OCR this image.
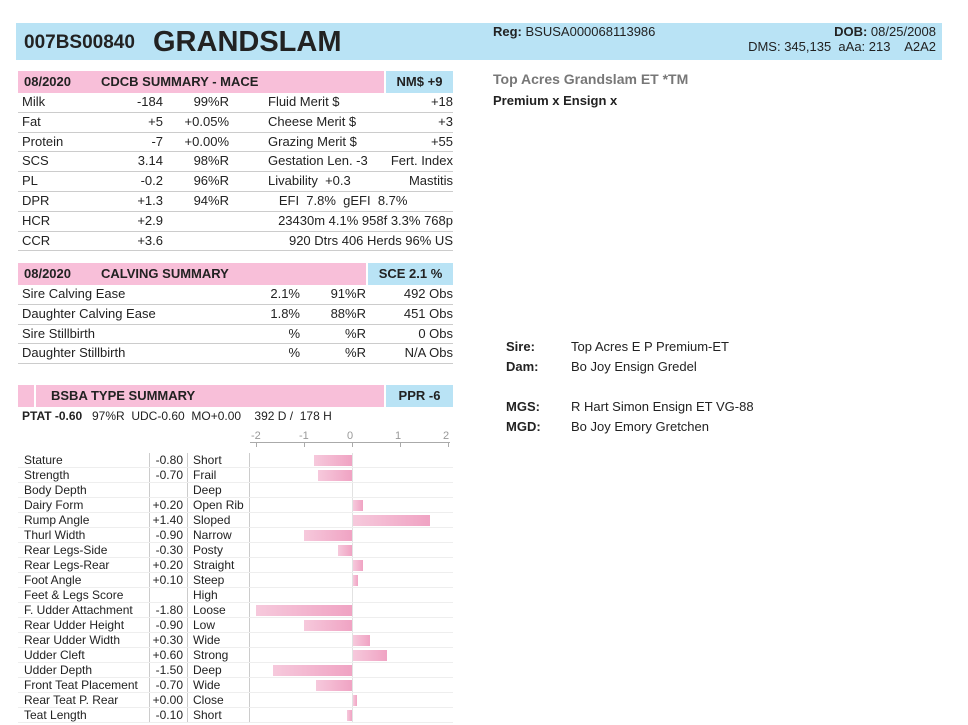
007BS00840 GRANDSLAM	Reg: BSUSA000068113986	DOB: 08/25/2008
DMS: 345,135  aAa: 213    A2A2
08/2020 CDCB SUMMARY - MACE	NM$ +9
Milk	-184 99%R	Fluid Merit $	+18
Fat	+5 +0.05%	Cheese Merit $	+3
Protein	-7 +0.00%	Grazing Merit $	+55
SCS	3.14 98%R	Gestation Len. -3 Fert. Index
PL	-0.2 96%R	Livability  +0.3	Mastitis
DPR	+1.3 94%R	EFI  7.8%  gEFI  8.7%
HCR	+2.9	23430m 4.1% 958f 3.3% 768p
CCR	+3.6	920 Dtrs 406 Herds 96% US
08/2020 CALVING SUMMARY	SCE 2.1 %
Sire Calving Ease	2.1% 91%R	492 Obs
Daughter Calving Ease	1.8% 88%R	451 Obs
Sire Stillbirth	%	%R	0 Obs
Daughter Stillbirth	%	%R	N/A Obs
BSBA TYPE SUMMARY	PPR -6
PTAT -0.60 97%R  UDC-0.60  MO+0.00    392 D /  178 H
-2	-1	0	1	2
Stature	-0.80 Short
Strength	-0.70 Frail
Body Depth	Deep
Dairy Form	+0.20 Open Rib
Rump Angle	+1.40 Sloped
Thurl Width	-0.90 Narrow
Rear Legs-Side	-0.30 Posty
Rear Legs-Rear	+0.20 Straight
Foot Angle	+0.10 Steep
Feet & Legs Score	High
F. Udder Attachment -1.80 Loose
Rear Udder Height	-0.90 Low
Rear Udder Width	+0.30 Wide
Udder Cleft	+0.60 Strong
Udder Depth	-1.50 Deep
Front Teat Placement -0.70 Wide
Rear Teat P. Rear	+0.00 Close
Teat Length	-0.10 Short
Top Acres Grandslam ET *TM
Premium x Ensign x
Sire:	Top Acres E P Premium-ET
Dam: Bo Joy Ensign Gredel
MGS: R Hart Simon Ensign ET VG-88
MGD: Bo Joy Emory Gretchen
